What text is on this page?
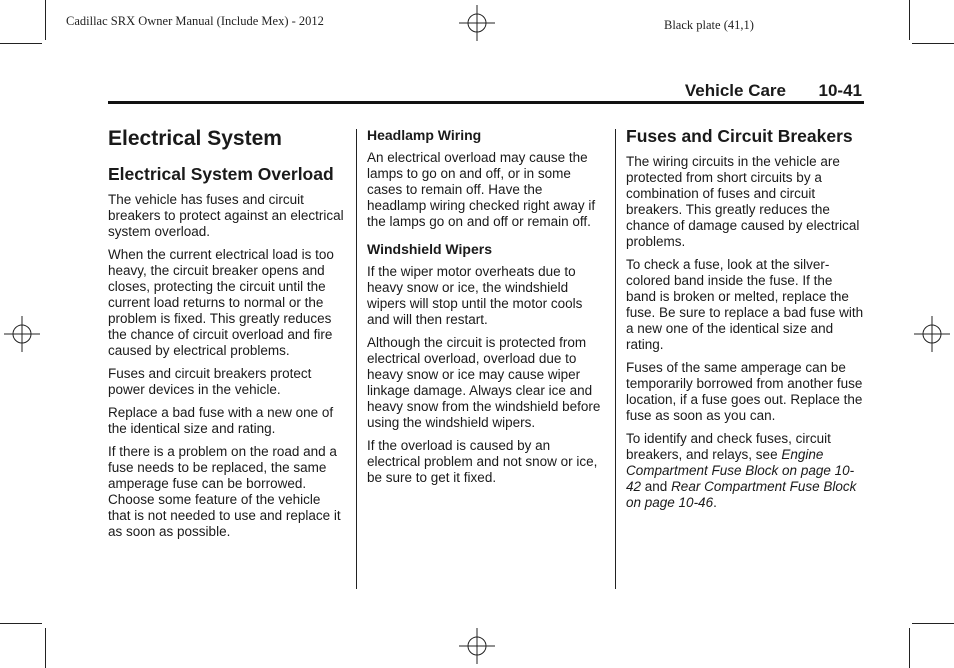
Cadillac SRX Owner Manual (Include Mex) - 2012	Black plate (41,1)
Vehicle Care 10-41
Electrical System
Electrical System Overload

The vehicle has fuses and circuit breakers to protect against an electrical system overload.

When the current electrical load is too heavy, the circuit breaker opens and closes, protecting the circuit until the current load returns to normal or the problem is fixed. This greatly reduces the chance of circuit overload and fire caused by electrical problems.

Fuses and circuit breakers protect power devices in the vehicle.

Replace a bad fuse with a new one of the identical size and rating.

If there is a problem on the road and a fuse needs to be replaced, the same amperage fuse can be borrowed. Choose some feature of the vehicle that is not needed to use and replace it as soon as possible.

Headlamp Wiring

An electrical overload may cause the lamps to go on and off, or in some cases to remain off. Have the headlamp wiring checked right away if the lamps go on and off or remain off.

Windshield Wipers

If the wiper motor overheats due to heavy snow or ice, the windshield wipers will stop until the motor cools and will then restart.

Although the circuit is protected from electrical overload, overload due to heavy snow or ice may cause wiper linkage damage. Always clear ice and heavy snow from the windshield before using the windshield wipers.

If the overload is caused by an electrical problem and not snow or ice, be sure to get it fixed.

Fuses and Circuit Breakers

The wiring circuits in the vehicle are protected from short circuits by a combination of fuses and circuit breakers. This greatly reduces the chance of damage caused by electrical problems.

To check a fuse, look at the silver-colored band inside the fuse. If the band is broken or melted, replace the fuse. Be sure to replace a bad fuse with a new one of the identical size and rating.

Fuses of the same amperage can be temporarily borrowed from another fuse location, if a fuse goes out. Replace the fuse as soon as you can.

To identify and check fuses, circuit breakers, and relays, see Engine Compartment Fuse Block on page 10-42 and Rear Compartment Fuse Block on page 10-46.
